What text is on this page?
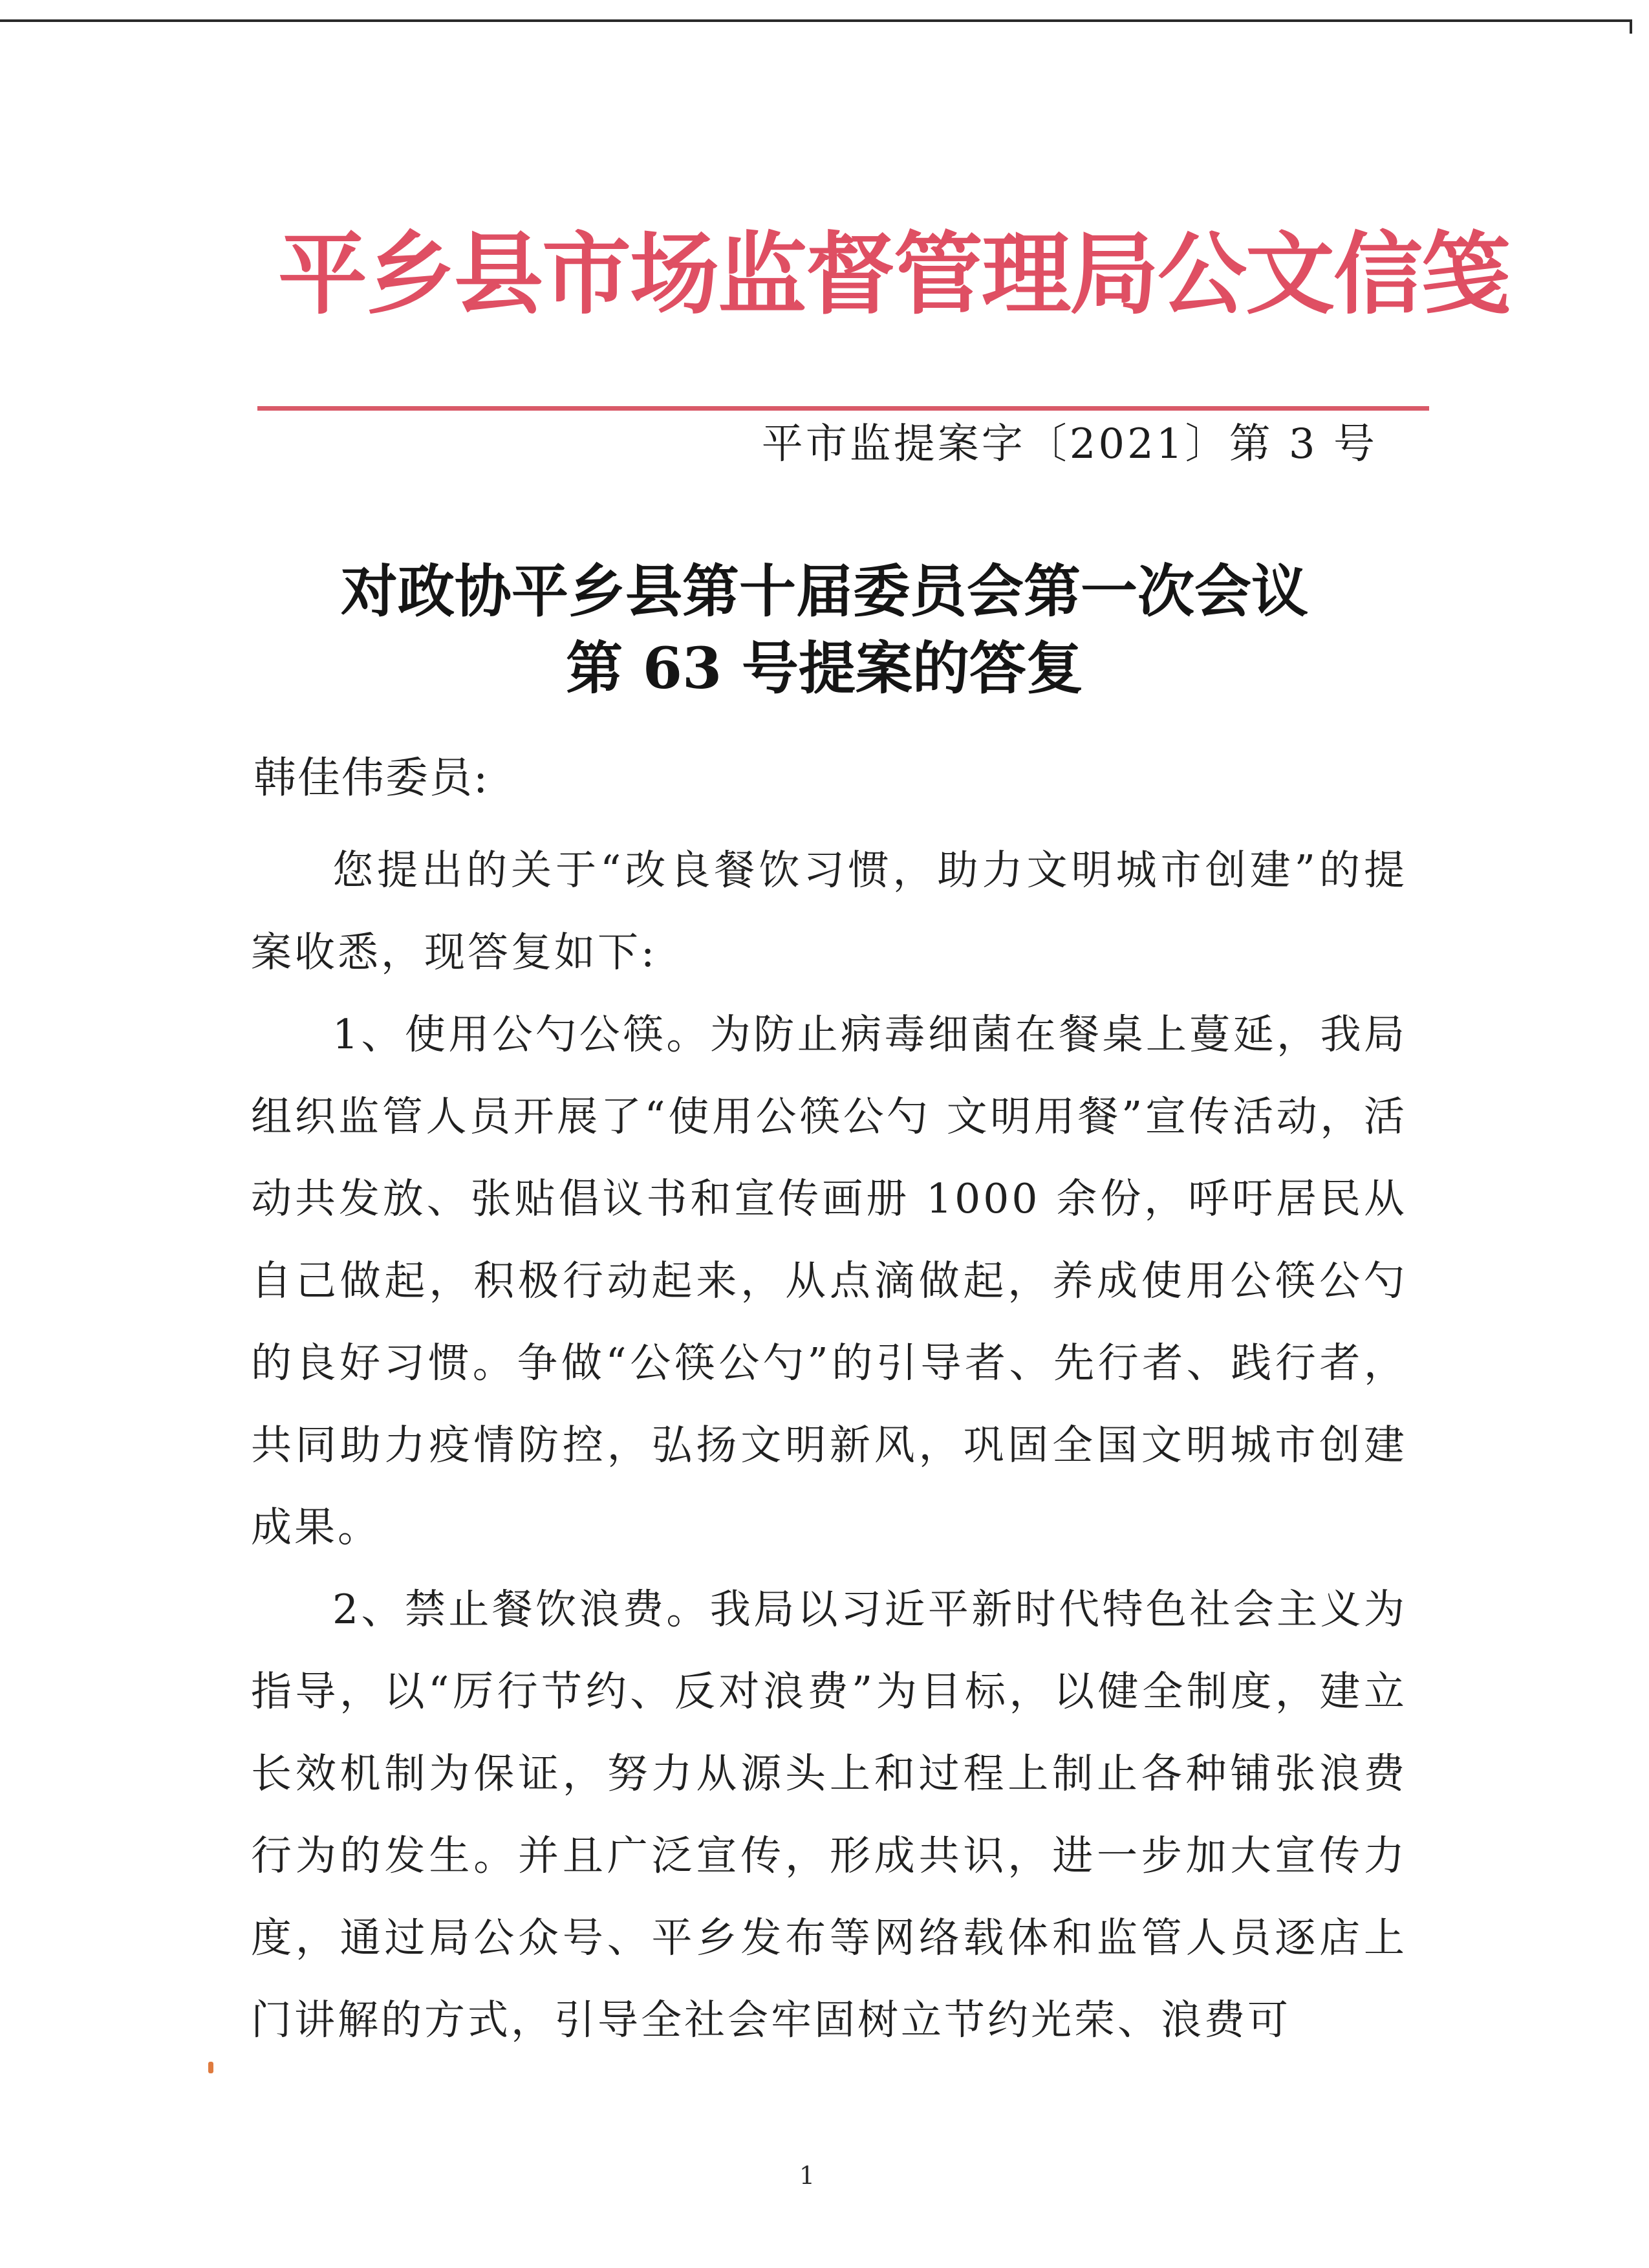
平乡县市场监督管理局公文信笺
平市监提案字〔2021〕第 3 号
对政协平乡县第十届委员会第一次会议
第 63 号提案的答复
韩佳伟委员:

您提出的关于“改良餐饮习惯，助力文明城市创建”的提案收悉，现答复如下:

1、使用公勺公筷。为防止病毒细菌在餐桌上蔓延，我局组织监管人员开展了“使用公筷公勺 文明用餐”宣传活动，活动共发放、张贴倡议书和宣传画册 1000 余份，呼吁居民从自己做起，积极行动起来，从点滴做起，养成使用公筷公勺的良好习惯。争做“公筷公勺”的引导者、先行者、践行者，共同助力疫情防控，弘扬文明新风，巩固全国文明城市创建成果。

2、禁止餐饮浪费。我局以习近平新时代特色社会主义为指导，以“厉行节约、反对浪费”为目标，以健全制度，建立长效机制为保证，努力从源头上和过程上制止各种铺张浪费行为的发生。并且广泛宣传，形成共识，进一步加大宣传力度，通过局公众号、平乡发布等网络载体和监管人员逐店上门讲解的方式，引导全社会牢固树立节约光荣、浪费可

1
